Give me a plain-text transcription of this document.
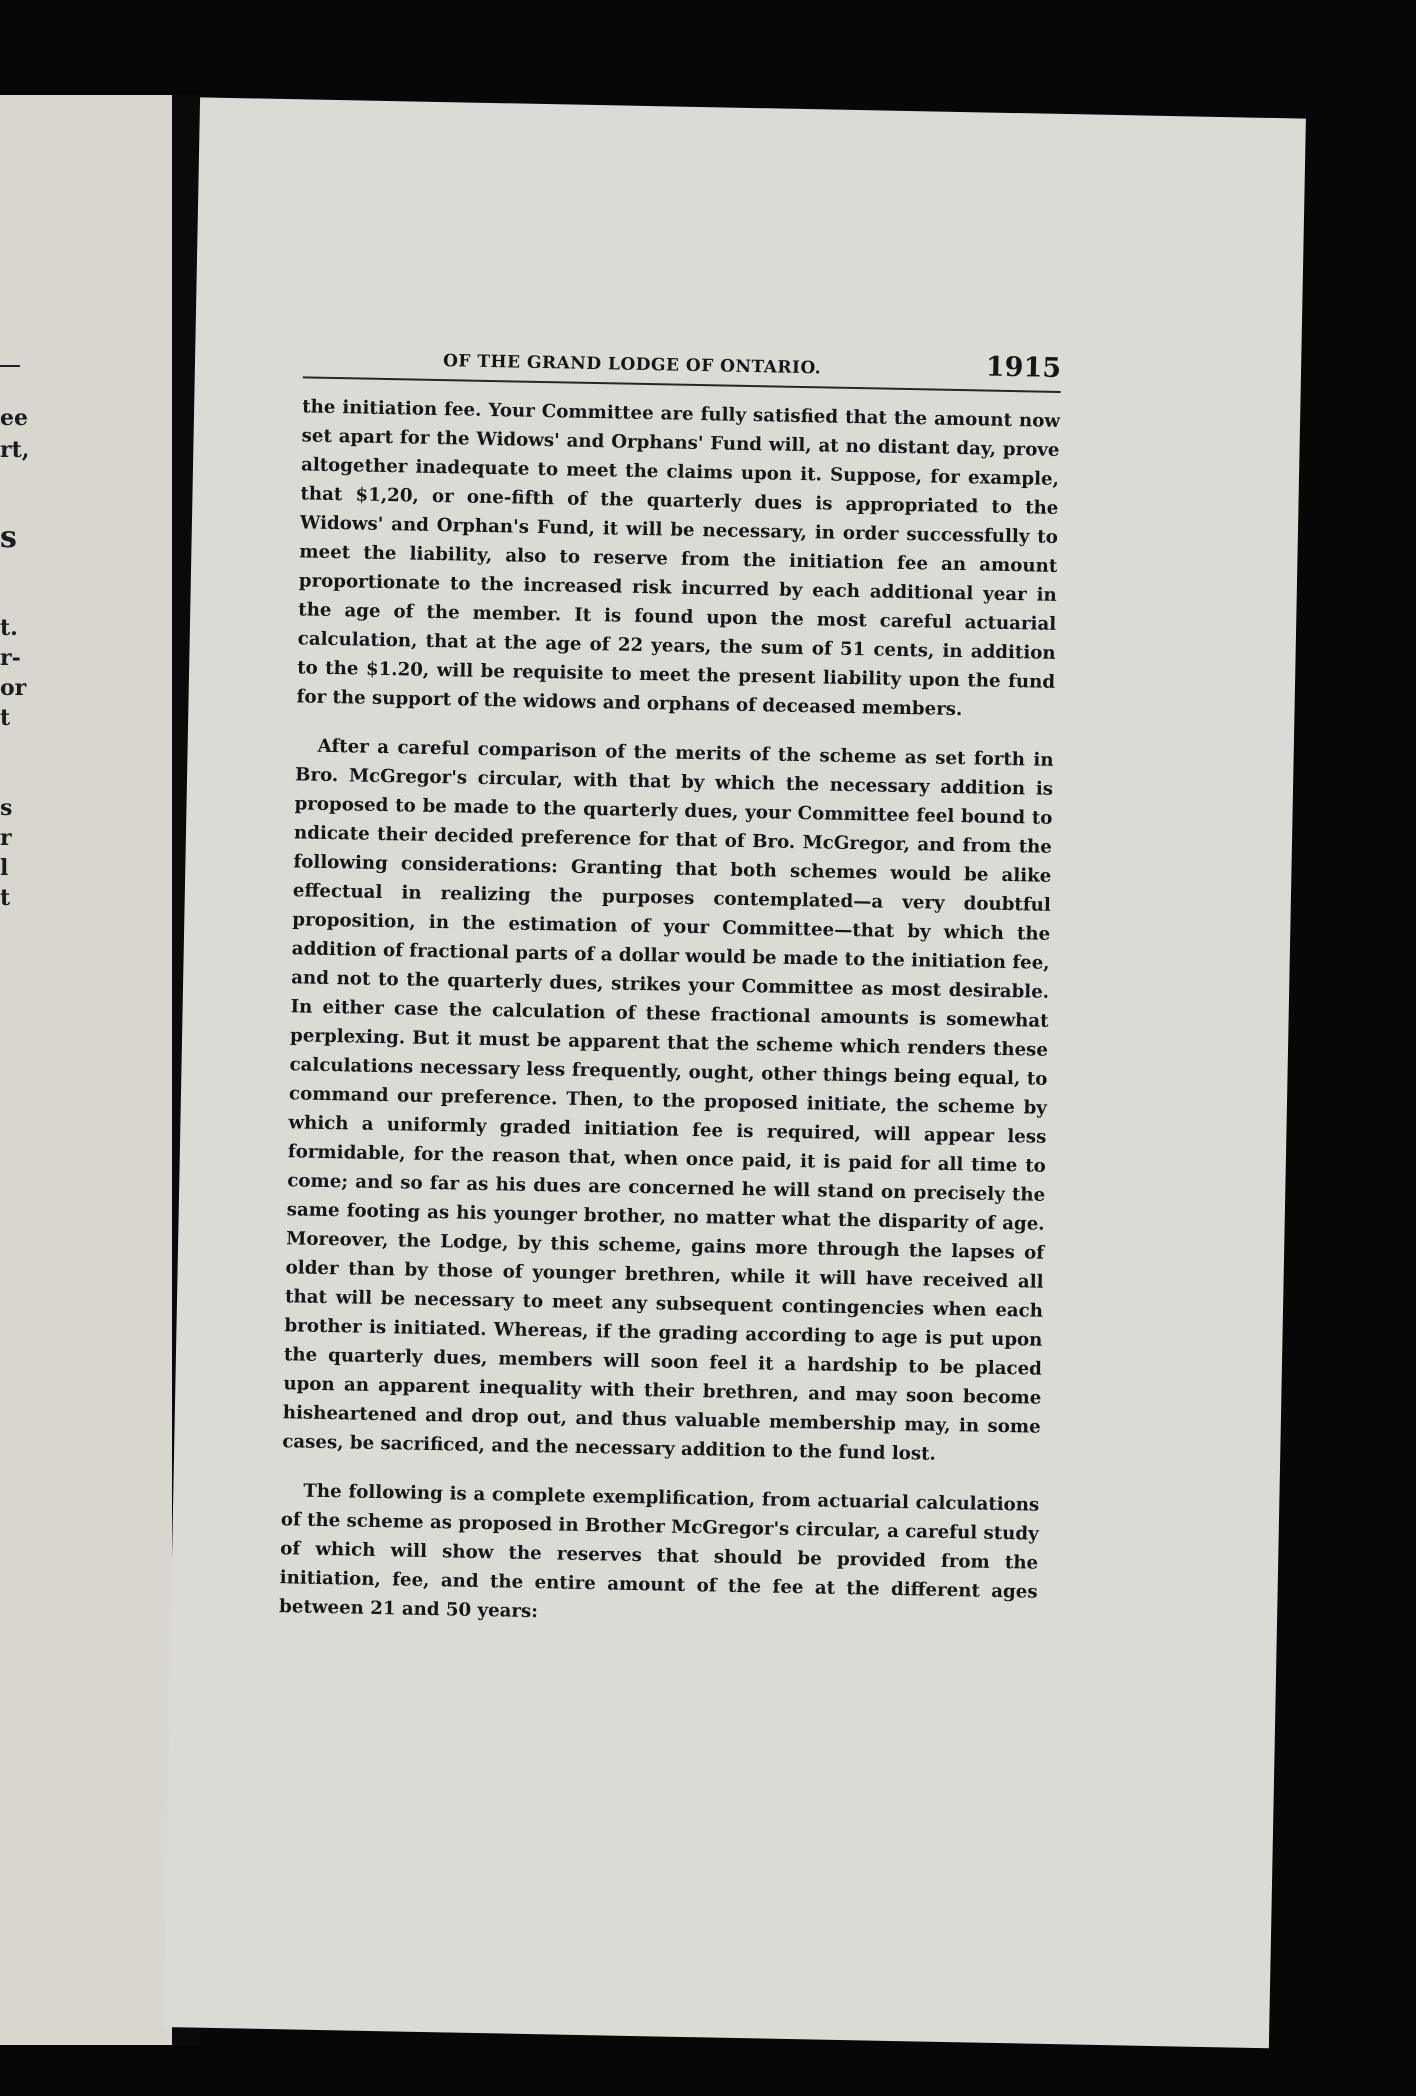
ee
rt,
s
t.
r-
or
t
s
r
l
t
OF THE GRAND LODGE OF ONTARIO.	1915

the initiation fee. Your Committee are fully satisfied that the amount now set apart for the Widows' and Orphans' Fund will, at no distant day, prove altogether inadequate to meet the claims upon it. Suppose, for example, that $1,20, or one-fifth of the quarterly dues is appropriated to the Widows' and Orphan's Fund, it will be necessary, in order successfully to meet the liability, also to reserve from the initiation fee an amount proportionate to the increased risk incurred by each additional year in the age of the member. It is found upon the most careful actuarial calculation, that at the age of 22 years, the sum of 51 cents, in addition to the $1.20, will be requisite to meet the present liability upon the fund for the support of the widows and orphans of deceased members.

After a careful comparison of the merits of the scheme as set forth in Bro. McGregor's circular, with that by which the necessary addition is proposed to be made to the quarterly dues, your Committee feel bound to ndicate their decided preference for that of Bro. McGregor, and from the following considerations: Granting that both schemes would be alike effectual in realizing the purposes contemplated—a very doubtful proposition, in the estimation of your Committee—that by which the addition of fractional parts of a dollar would be made to the initiation fee, and not to the quarterly dues, strikes your Committee as most desirable. In either case the calculation of these fractional amounts is somewhat perplexing. But it must be apparent that the scheme which renders these calculations necessary less frequently, ought, other things being equal, to command our preference. Then, to the proposed initiate, the scheme by which a uniformly graded initiation fee is required, will appear less formidable, for the reason that, when once paid, it is paid for all time to come; and so far as his dues are concerned he will stand on precisely the same footing as his younger brother, no matter what the disparity of age. Moreover, the Lodge, by this scheme, gains more through the lapses of older than by those of younger brethren, while it will have received all that will be necessary to meet any subsequent contingencies when each brother is initiated. Whereas, if the grading according to age is put upon the quarterly dues, members will soon feel it a hardship to be placed upon an apparent inequality with their brethren, and may soon become hisheartened and drop out, and thus valuable membership may, in some cases, be sacrificed, and the necessary addition to the fund lost.

The following is a complete exemplification, from actuarial calculations of the scheme as proposed in Brother McGregor's circular, a careful study of which will show the reserves that should be provided from the initiation, fee, and the entire amount of the fee at the different ages between 21 and 50 years:
